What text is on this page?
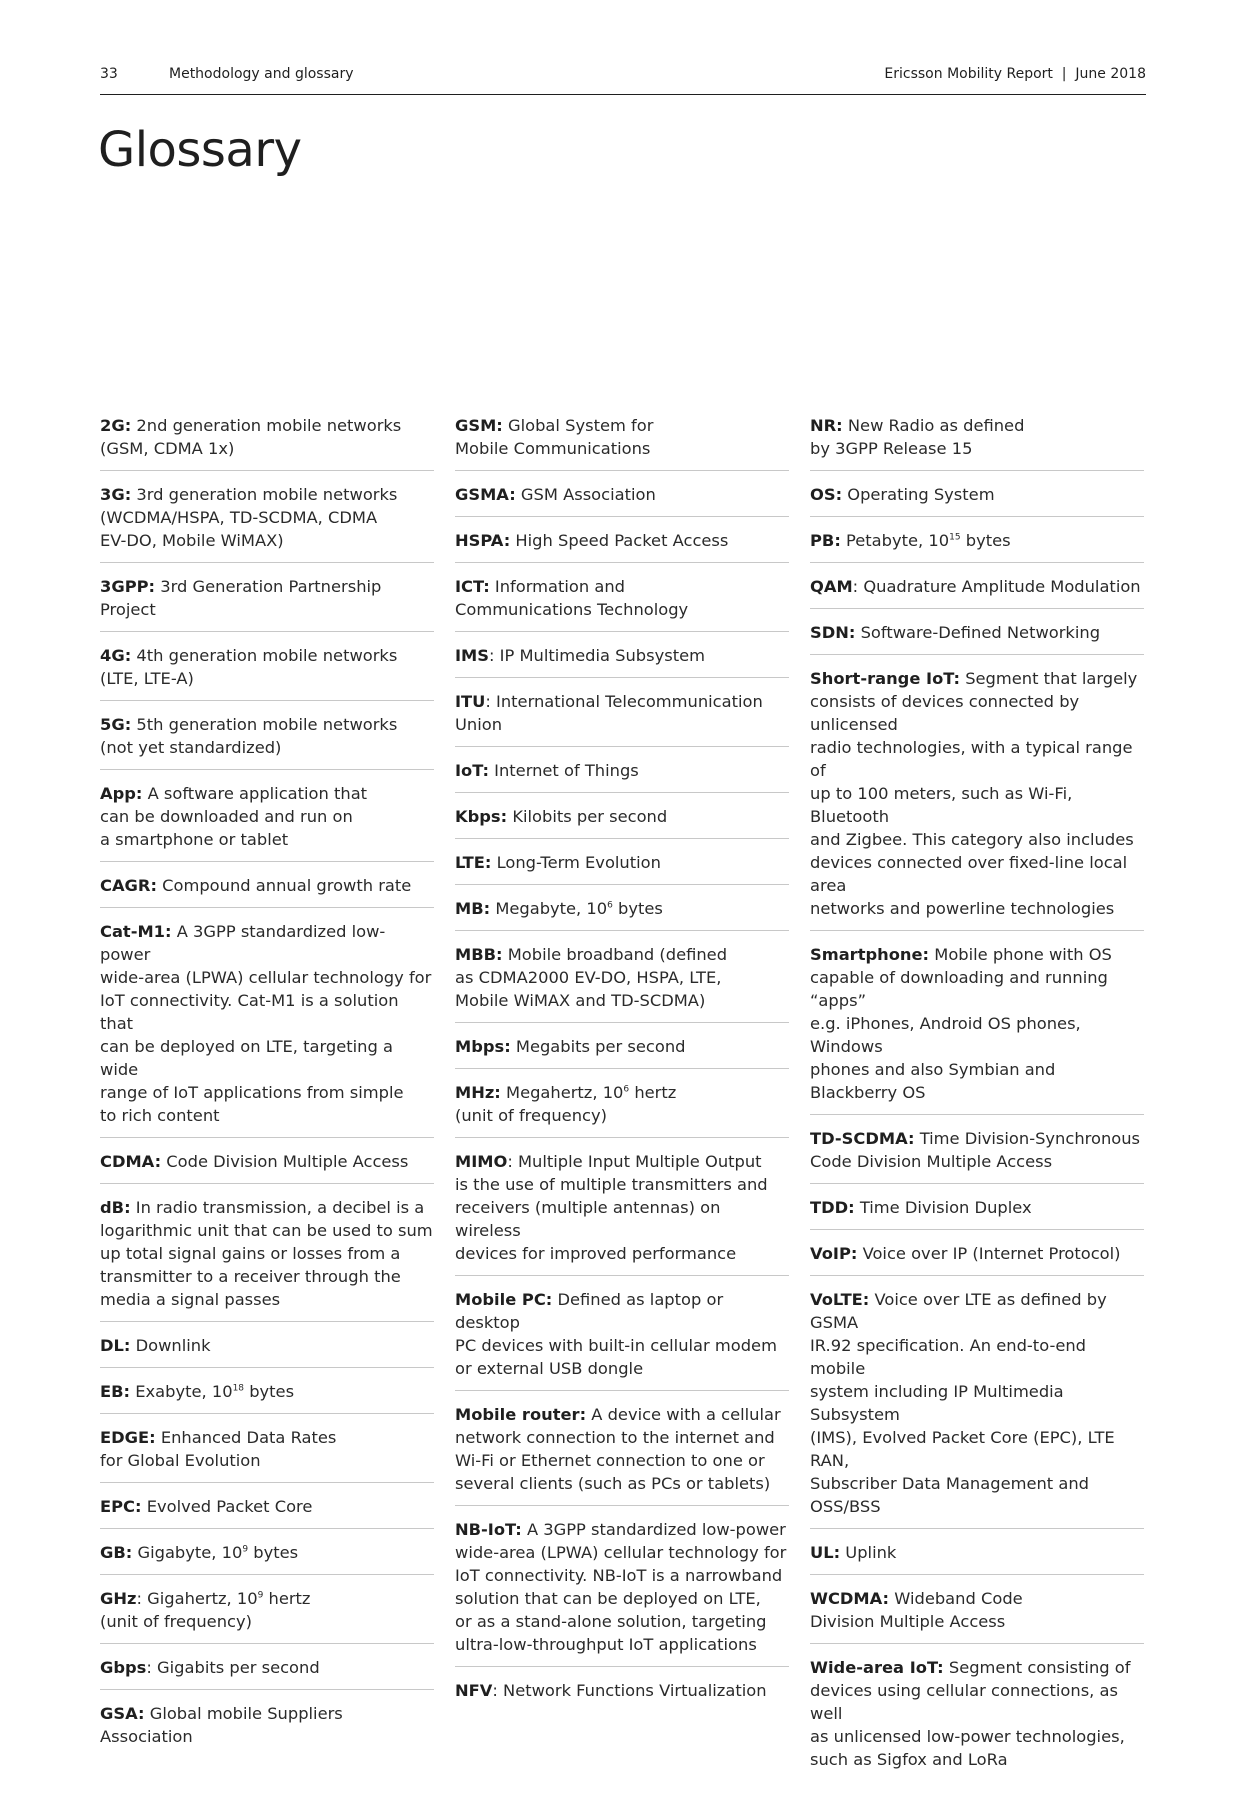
33	Methodology and glossary	Ericsson Mobility Report  |  June 2018
Glossary
2G: 2nd generation mobile networks
(GSM, CDMA 1x)
3G: 3rd generation mobile networks
(WCDMA/HSPA, TD-SCDMA, CDMA
EV-DO, Mobile WiMAX)
3GPP: 3rd Generation Partnership Project
4G: 4th generation mobile networks
(LTE, LTE-A)
5G: 5th generation mobile networks
(not yet standardized)
App: A software application that
can be downloaded and run on
a smartphone or tablet
CAGR: Compound annual growth rate
Cat-M1: A 3GPP standardized low-power
wide-area (LPWA) cellular technology for
IoT connectivity. Cat-M1 is a solution that
can be deployed on LTE, targeting a wide
range of IoT applications from simple
to rich content
CDMA: Code Division Multiple Access
dB: In radio transmission, a decibel is a
logarithmic unit that can be used to sum
up total signal gains or losses from a
transmitter to a receiver through the
media a signal passes
DL: Downlink
EB: Exabyte, $10^{18}$ bytes
EDGE: Enhanced Data Rates
for Global Evolution
EPC: Evolved Packet Core
GB: Gigabyte, $10^9$ bytes
GHz: Gigahertz, $10^9$ hertz
(unit of frequency)
Gbps: Gigabits per second
GSA: Global mobile Suppliers Association
GSM: Global System for
Mobile Communications
GSMA: GSM Association
HSPA: High Speed Packet Access
ICT: Information and
Communications Technology
IMS: IP Multimedia Subsystem
ITU: International Telecommunication Union
IoT: Internet of Things
Kbps: Kilobits per second
LTE: Long-Term Evolution
MB: Megabyte, $10^6$ bytes
MBB: Mobile broadband (defined
as CDMA2000 EV-DO, HSPA, LTE,
Mobile WiMAX and TD-SCDMA)
Mbps: Megabits per second
MHz: Megahertz, $10^6$ hertz
(unit of frequency)
MIMO: Multiple Input Multiple Output
is the use of multiple transmitters and
receivers (multiple antennas) on wireless
devices for improved performance
Mobile PC: Defined as laptop or desktop
PC devices with built-in cellular modem
or external USB dongle
Mobile router: A device with a cellular
network connection to the internet and
Wi-Fi or Ethernet connection to one or
several clients (such as PCs or tablets)
NB-IoT: A 3GPP standardized low-power
wide-area (LPWA) cellular technology for
IoT connectivity. NB-IoT is a narrowband
solution that can be deployed on LTE,
or as a stand-alone solution, targeting
ultra-low-throughput IoT applications
NFV: Network Functions Virtualization
NR: New Radio as defined
by 3GPP Release 15
OS: Operating System
PB: Petabyte, $10^{15}$ bytes
QAM: Quadrature Amplitude Modulation
SDN: Software-Defined Networking
Short-range IoT: Segment that largely
consists of devices connected by unlicensed
radio technologies, with a typical range of
up to 100 meters, such as Wi-Fi, Bluetooth
and Zigbee. This category also includes
devices connected over fixed-line local area
networks and powerline technologies
Smartphone: Mobile phone with OS
capable of downloading and running “apps”
e.g. iPhones, Android OS phones, Windows
phones and also Symbian and Blackberry OS
TD-SCDMA: Time Division-Synchronous
Code Division Multiple Access
TDD: Time Division Duplex
VoIP: Voice over IP (Internet Protocol)
VoLTE: Voice over LTE as defined by GSMA
IR.92 specification. An end-to-end mobile
system including IP Multimedia Subsystem
(IMS), Evolved Packet Core (EPC), LTE RAN,
Subscriber Data Management and OSS/BSS
UL: Uplink
WCDMA: Wideband Code
Division Multiple Access
Wide-area IoT: Segment consisting of
devices using cellular connections, as well
as unlicensed low-power technologies,
such as Sigfox and LoRa
